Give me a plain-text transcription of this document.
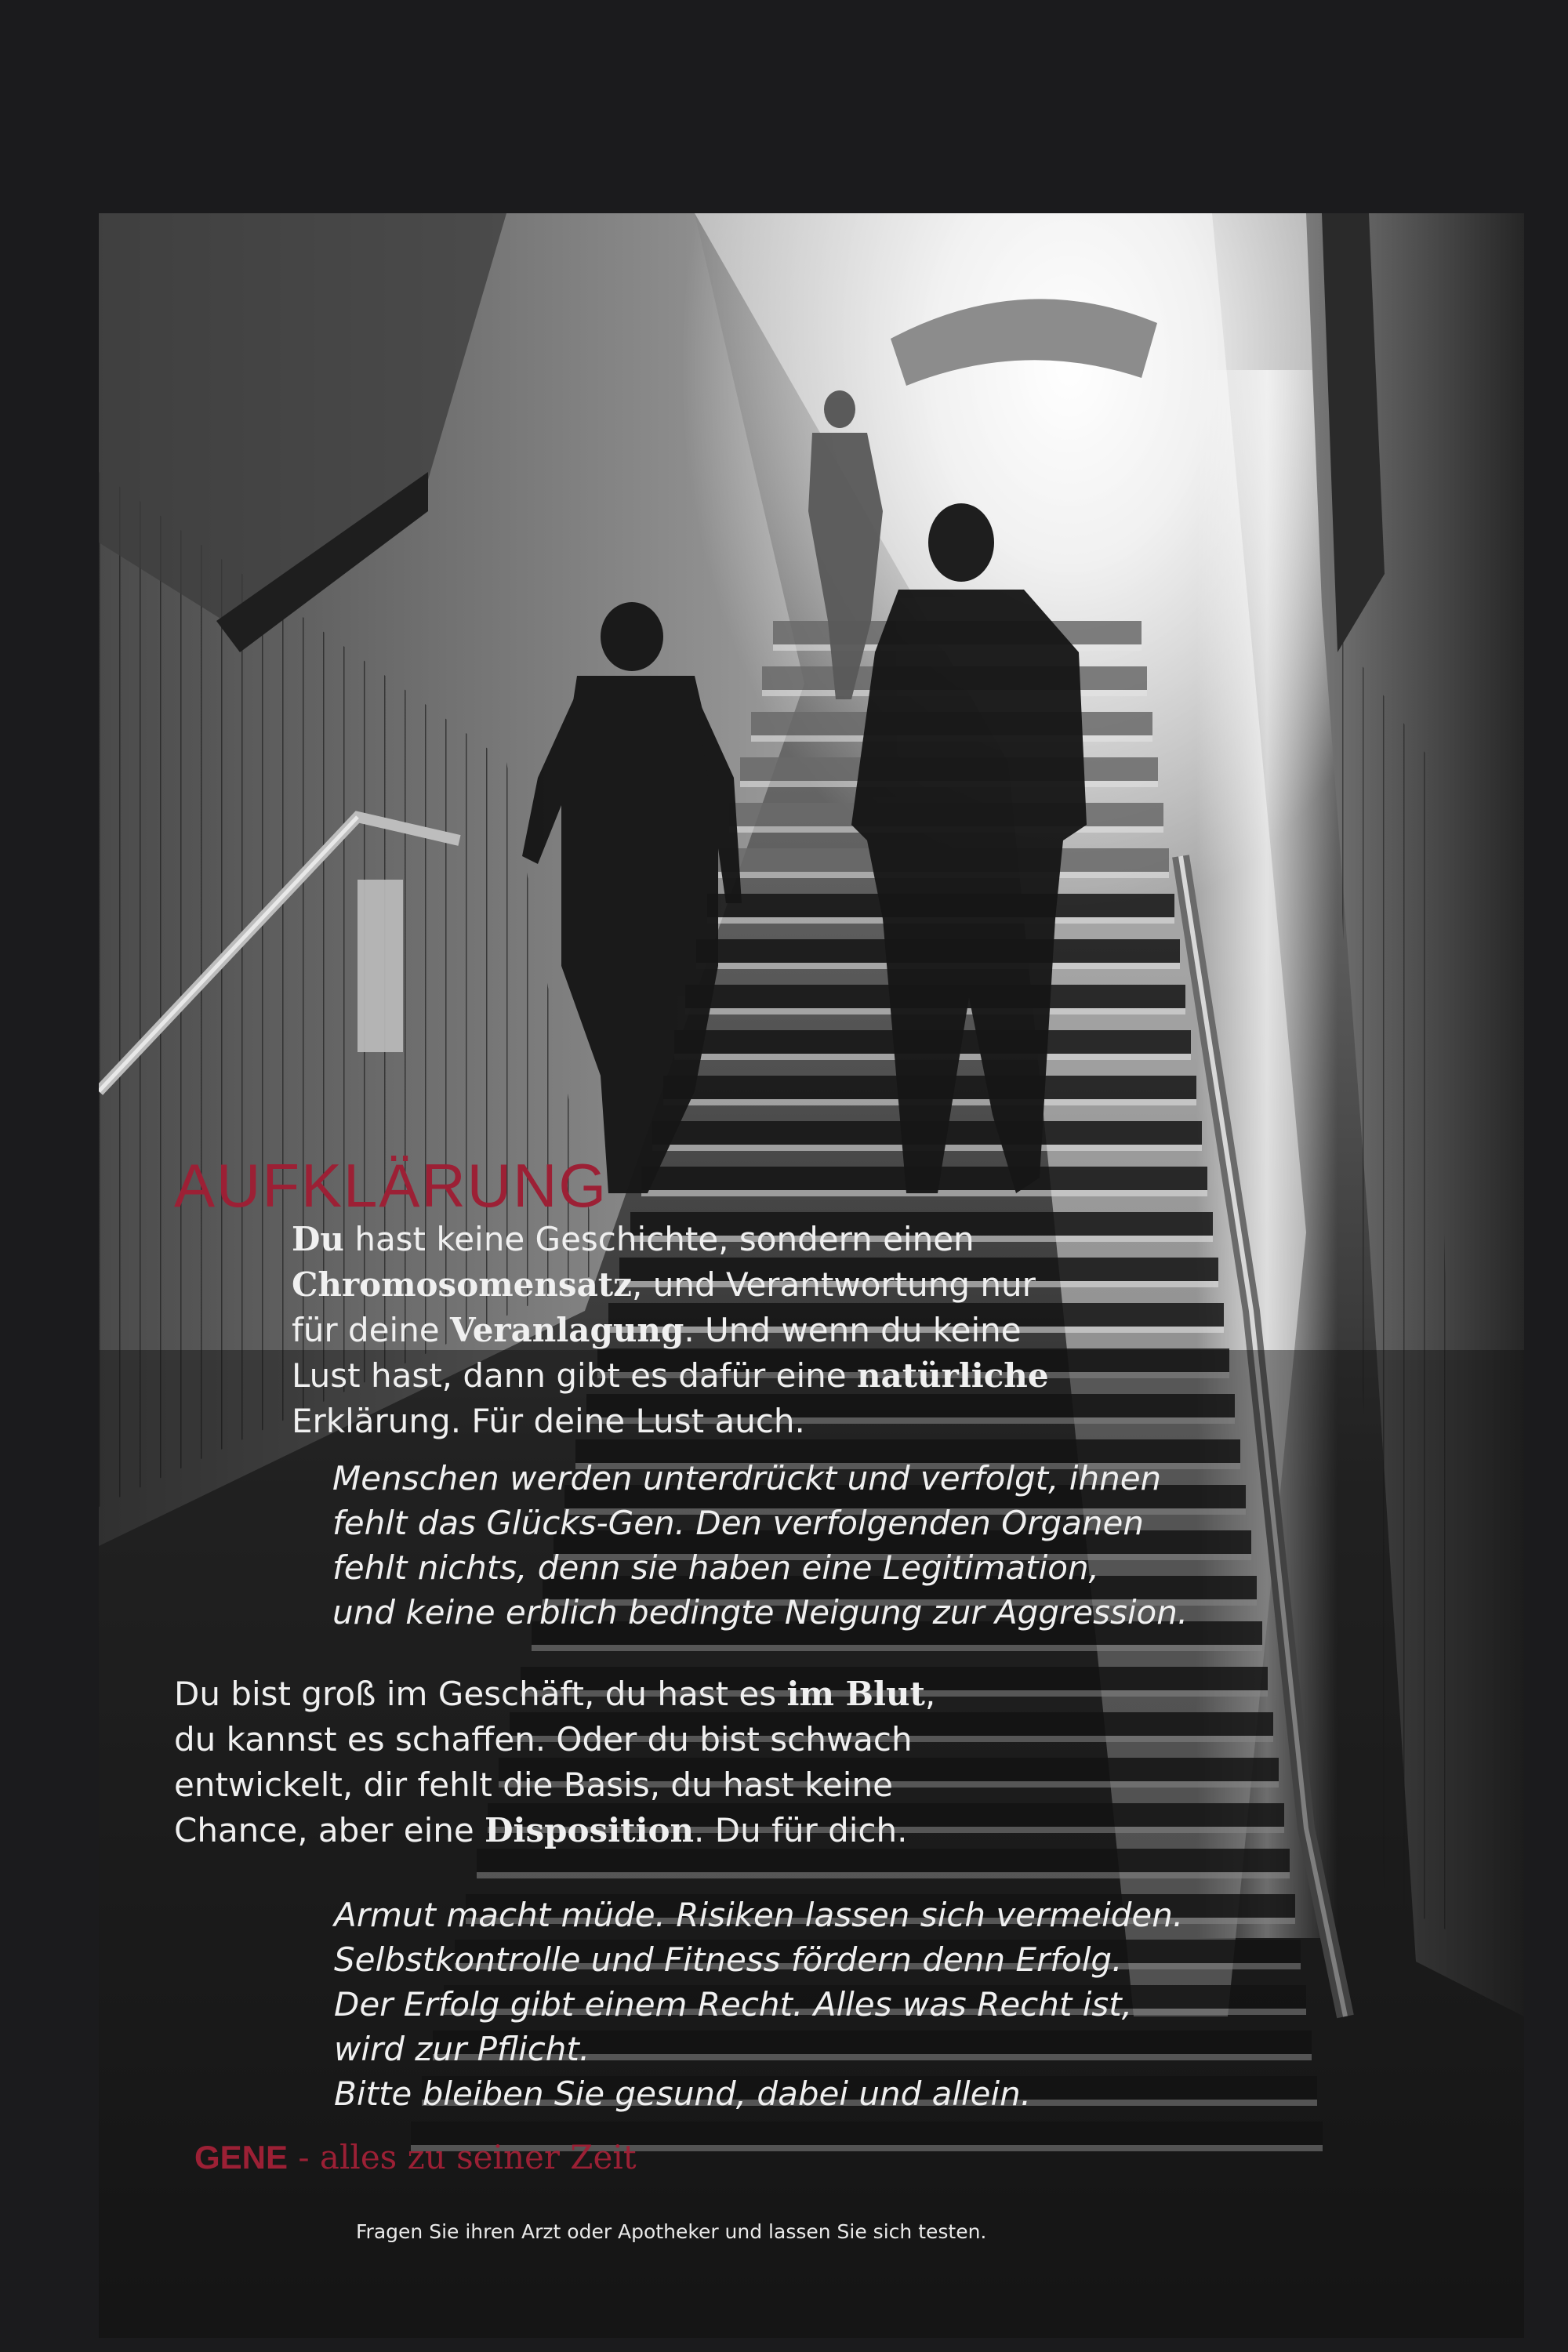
AUFKLÄRUNG
Du hast keine Geschichte, sondern einen
Chromosomensatz, und Verantwortung nur
für deine Veranlagung. Und wenn du keine
Lust hast, dann gibt es dafür eine natürliche
Erklärung. Für deine Lust auch.
Menschen werden unterdrückt und verfolgt, ihnen
fehlt das Glücks-Gen. Den verfolgenden Organen
fehlt nichts, denn sie haben eine Legitimation,
und keine erblich bedingte Neigung zur Aggression.
Du bist groß im Geschäft, du hast es im Blut,
du kannst es schaffen. Oder du bist schwach
entwickelt, dir fehlt die Basis, du hast keine
Chance, aber eine Disposition. Du für dich.
Armut macht müde. Risiken lassen sich vermeiden.
Selbstkontrolle und Fitness fördern denn Erfolg.
Der Erfolg gibt einem Recht. Alles was Recht ist,
wird zur Pflicht.
Bitte bleiben Sie gesund, dabei und allein.
GENE - alles zu seiner Zeit
Fragen Sie ihren Arzt oder Apotheker und lassen Sie sich testen.
